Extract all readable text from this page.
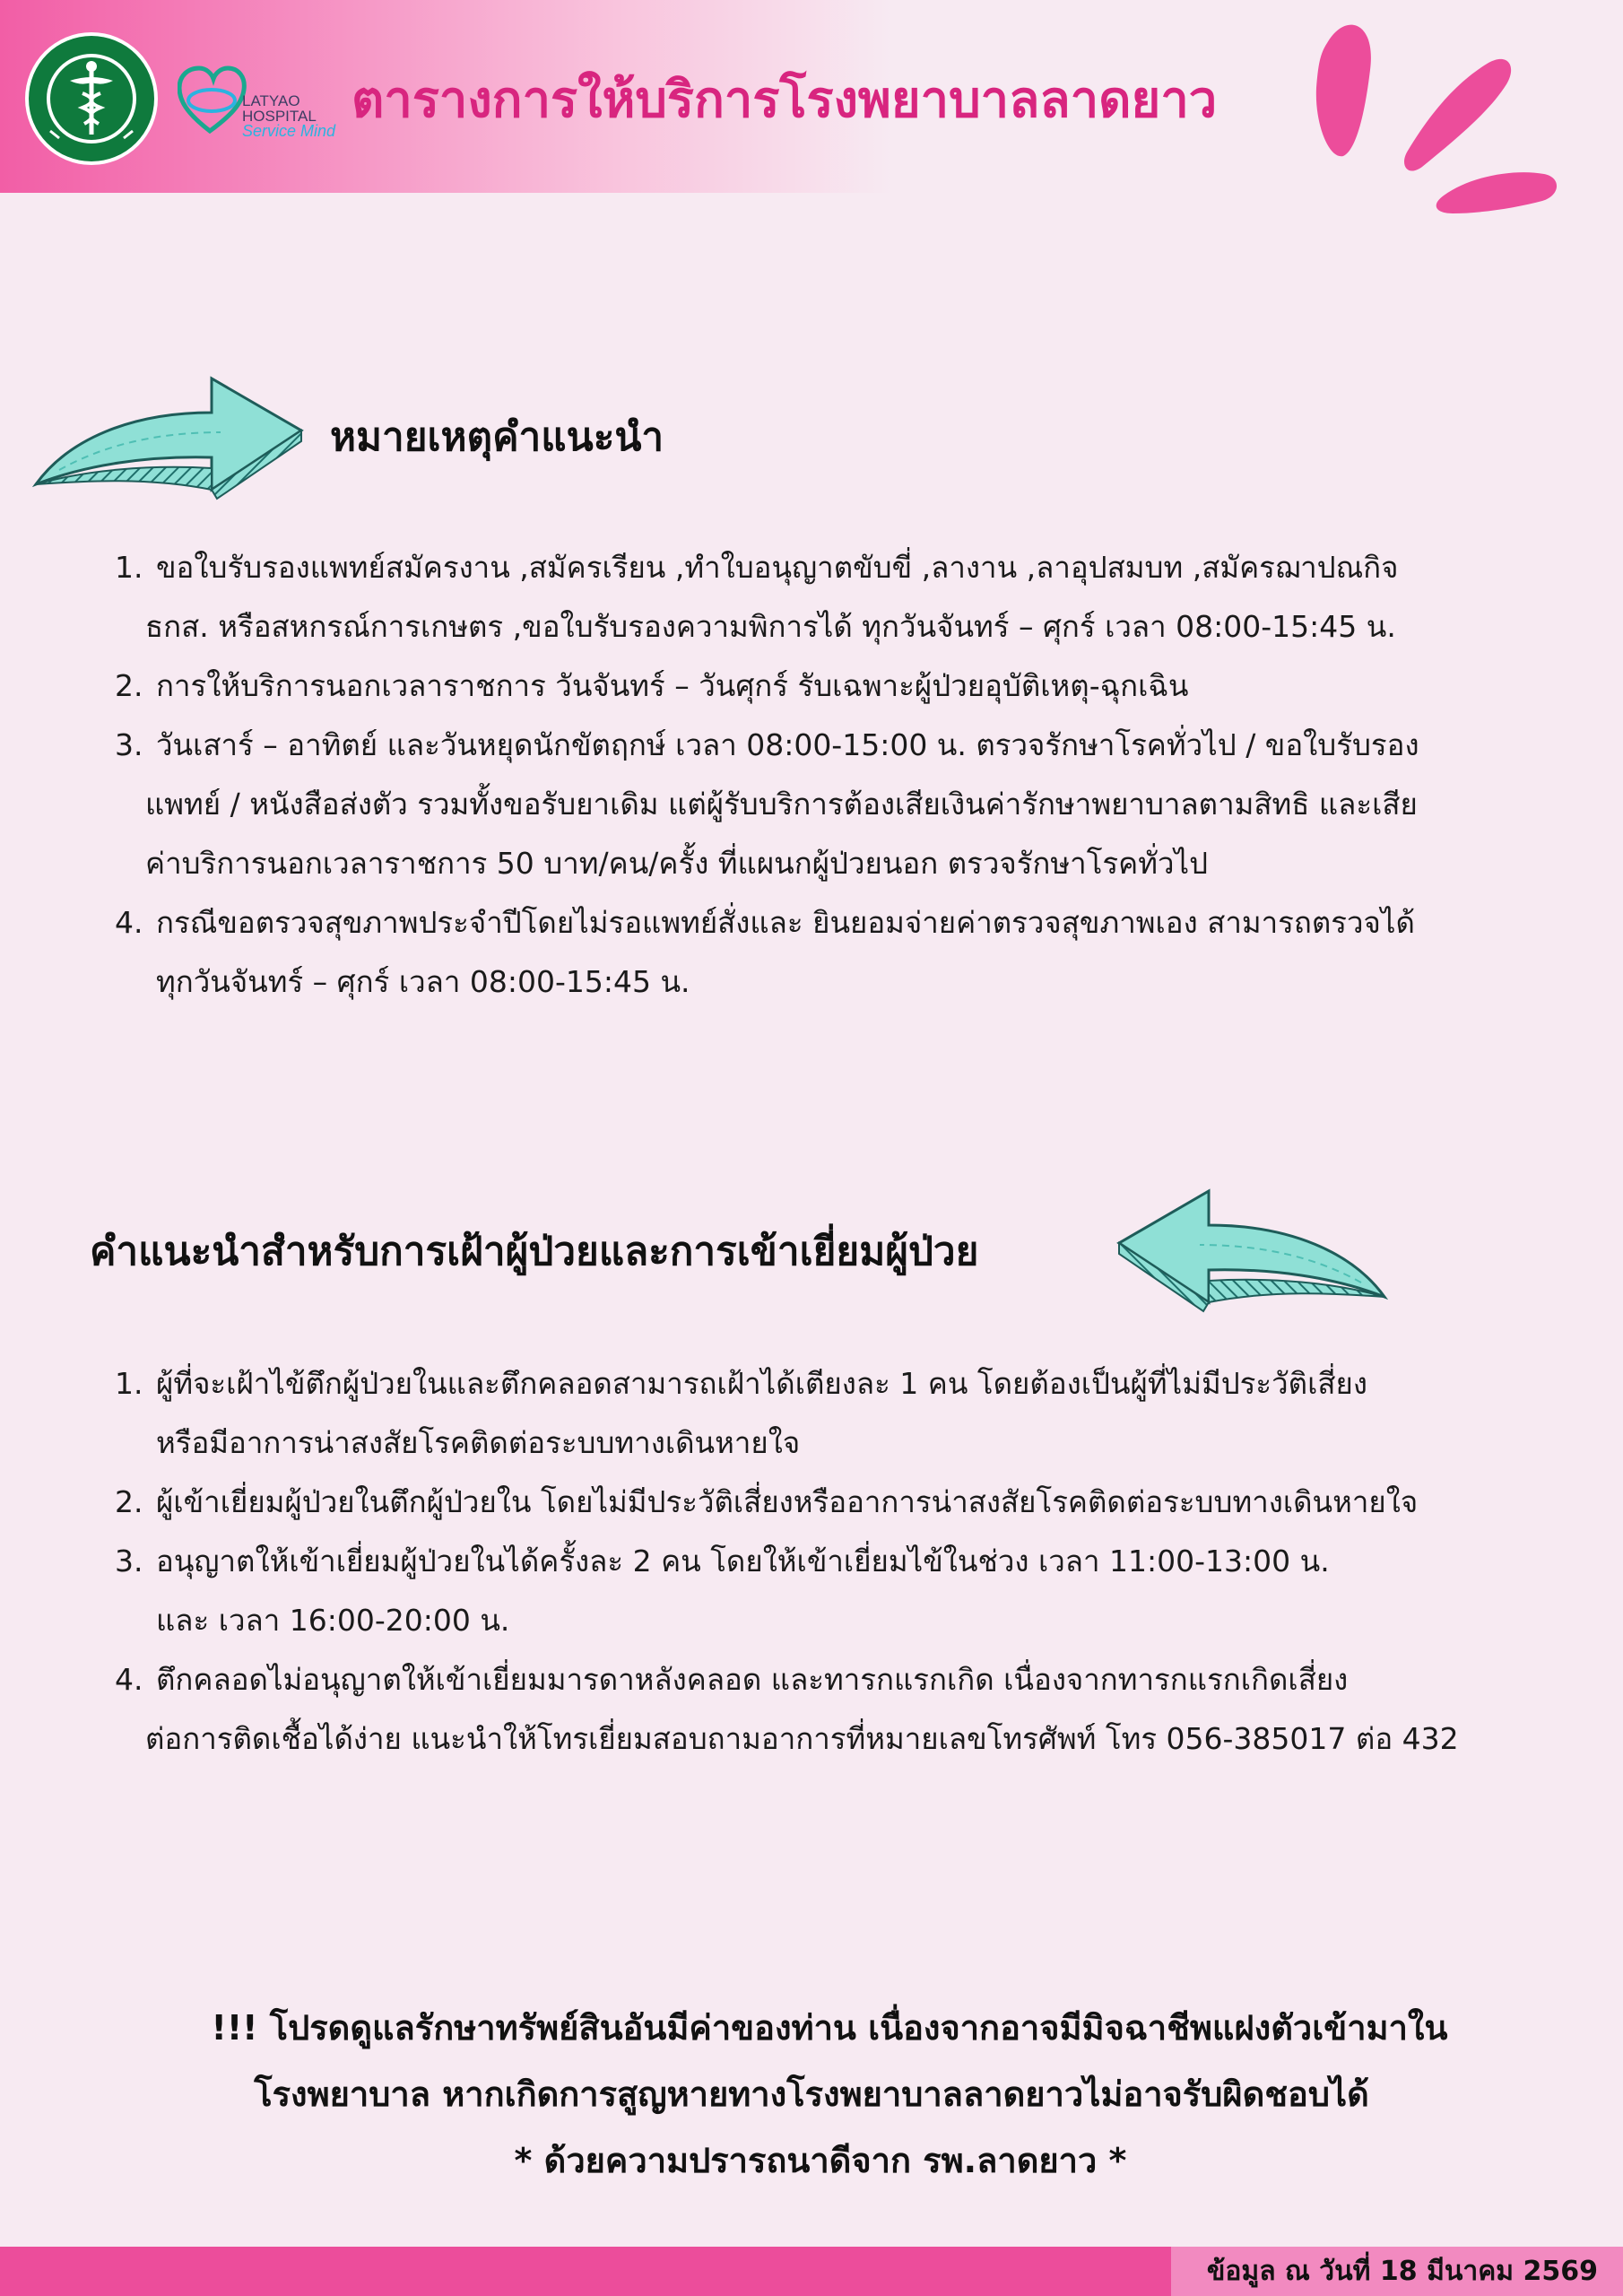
LATYAO
HOSPITAL
Service Mind
ตารางการให้บริการโรงพยาบาลลาดยาว
หมายเหตุคำแนะนำ
1. ขอใบรับรองแพทย์สมัครงาน ,สมัครเรียน ,ทำใบอนุญาตขับขี่ ,ลางาน ,ลาอุปสมบท ,สมัครฌาปณกิจ
ธกส. หรือสหกรณ์การเกษตร ,ขอใบรับรองความพิการได้ ทุกวันจันทร์ – ศุกร์ เวลา 08:00-15:45 น.
2. การให้บริการนอกเวลาราชการ วันจันทร์ – วันศุกร์ รับเฉพาะผู้ป่วยอุบัติเหตุ-ฉุกเฉิน
3. วันเสาร์ – อาทิตย์ และวันหยุดนักขัตฤกษ์ เวลา 08:00-15:00 น. ตรวจรักษาโรคทั่วไป / ขอใบรับรอง
แพทย์ / หนังสือส่งตัว รวมทั้งขอรับยาเดิม แต่ผู้รับบริการต้องเสียเงินค่ารักษาพยาบาลตามสิทธิ และเสีย
ค่าบริการนอกเวลาราชการ 50 บาท/คน/ครั้ง ที่แผนกผู้ป่วยนอก ตรวจรักษาโรคทั่วไป
4. กรณีขอตรวจสุขภาพประจำปีโดยไม่รอแพทย์สั่งและ ยินยอมจ่ายค่าตรวจสุขภาพเอง สามารถตรวจได้
ทุกวันจันทร์ – ศุกร์ เวลา 08:00-15:45 น.
คำแนะนำสำหรับการเฝ้าผู้ป่วยและการเข้าเยี่ยมผู้ป่วย
1. ผู้ที่จะเฝ้าไข้ตึกผู้ป่วยในและตึกคลอดสามารถเฝ้าได้เตียงละ 1 คน โดยต้องเป็นผู้ที่ไม่มีประวัติเสี่ยง
หรือมีอาการน่าสงสัยโรคติดต่อระบบทางเดินหายใจ
2. ผู้เข้าเยี่ยมผู้ป่วยในตึกผู้ป่วยใน โดยไม่มีประวัติเสี่ยงหรืออาการน่าสงสัยโรคติดต่อระบบทางเดินหายใจ
3. อนุญาตให้เข้าเยี่ยมผู้ป่วยในได้ครั้งละ 2 คน โดยให้เข้าเยี่ยมไข้ในช่วง เวลา 11:00-13:00 น.
และ เวลา 16:00-20:00 น.
4. ตึกคลอดไม่อนุญาตให้เข้าเยี่ยมมารดาหลังคลอด และทารกแรกเกิด เนื่องจากทารกแรกเกิดเสี่ยง
ต่อการติดเชื้อได้ง่าย แนะนำให้โทรเยี่ยมสอบถามอาการที่หมายเลขโทรศัพท์ โทร 056-385017 ต่อ 432
!!! โปรดดูแลรักษาทรัพย์สินอันมีค่าของท่าน เนื่องจากอาจมีมิจฉาชีพแฝงตัวเข้ามาใน
โรงพยาบาล หากเกิดการสูญหายทางโรงพยาบาลลาดยาวไม่อาจรับผิดชอบได้
* ด้วยความปรารถนาดีจาก รพ.ลาดยาว *
ข้อมูล ณ วันที่ 18 มีนาคม 2569
